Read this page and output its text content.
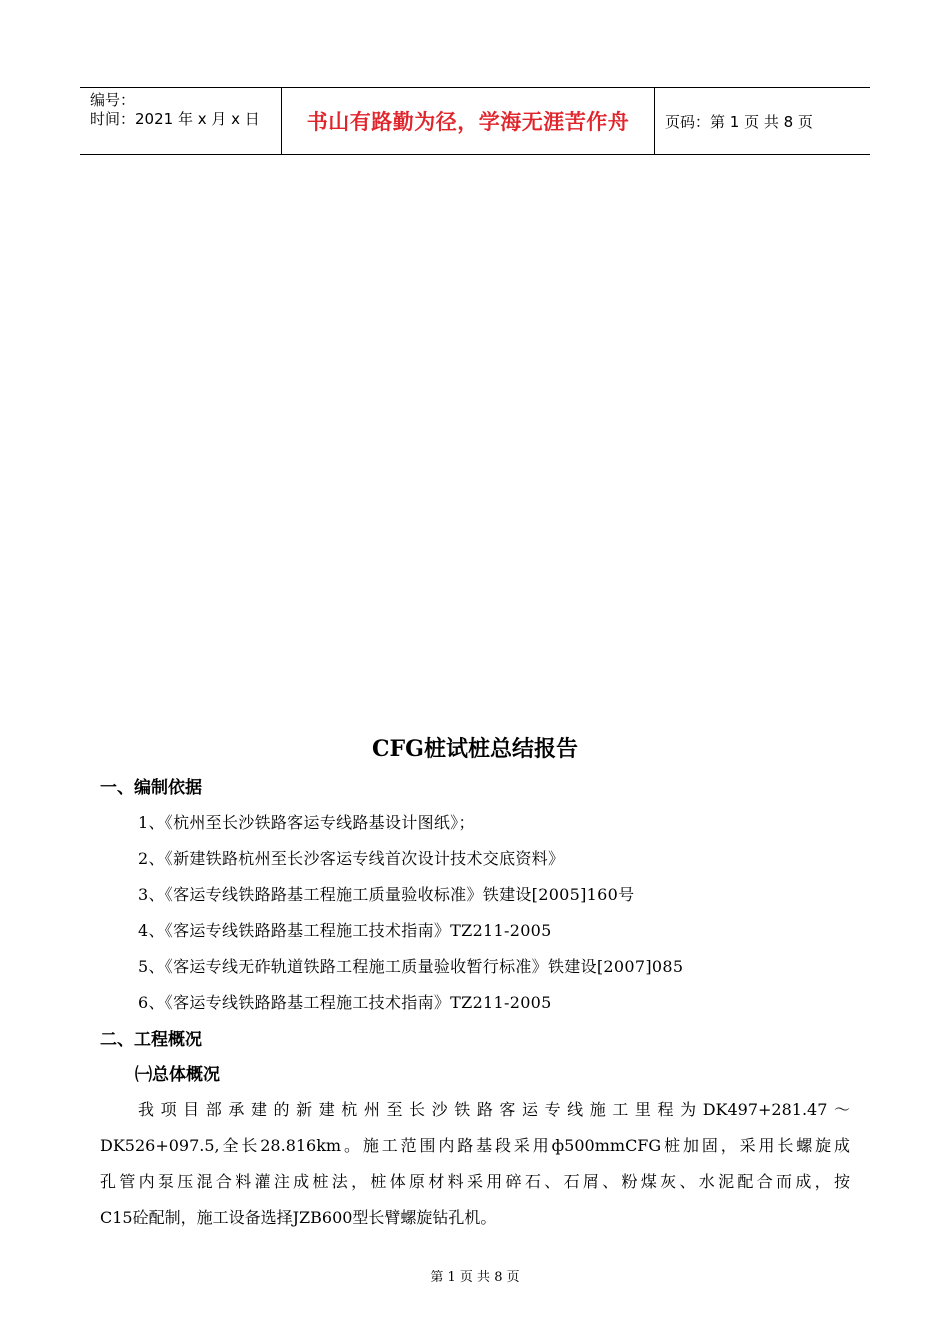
编号：
时间：2021 年 x 月 x 日	书山有路勤为径，学海无涯苦作舟	页码：第 1 页 共 8 页
CFG桩试桩总结报告
一、编制依据
1、《杭州至长沙铁路客运专线路基设计图纸》；
2、《新建铁路杭州至长沙客运专线首次设计技术交底资料》
3、《客运专线铁路路基工程施工质量验收标准》铁建设[2005]160号
4、《客运专线铁路路基工程施工技术指南》TZ211-2005
5、《客运专线无砟轨道铁路工程施工质量验收暂行标准》铁建设[2007]085
6、《客运专线铁路路基工程施工技术指南》TZ211-2005
二、工程概况
㈠总体概况
我项目部承建的新建杭州至长沙铁路客运专线施工里程为DK497+281.47～
DK526+097.5,全长28.816km。施工范围内路基段采用ф500mmCFG桩加固，采用长螺旋成
孔管内泵压混合料灌注成桩法，桩体原材料采用碎石、石屑、粉煤灰、水泥配合而成，按
C15砼配制，施工设备选择JZB600型长臂螺旋钻孔机。
第 1 页 共 8 页
